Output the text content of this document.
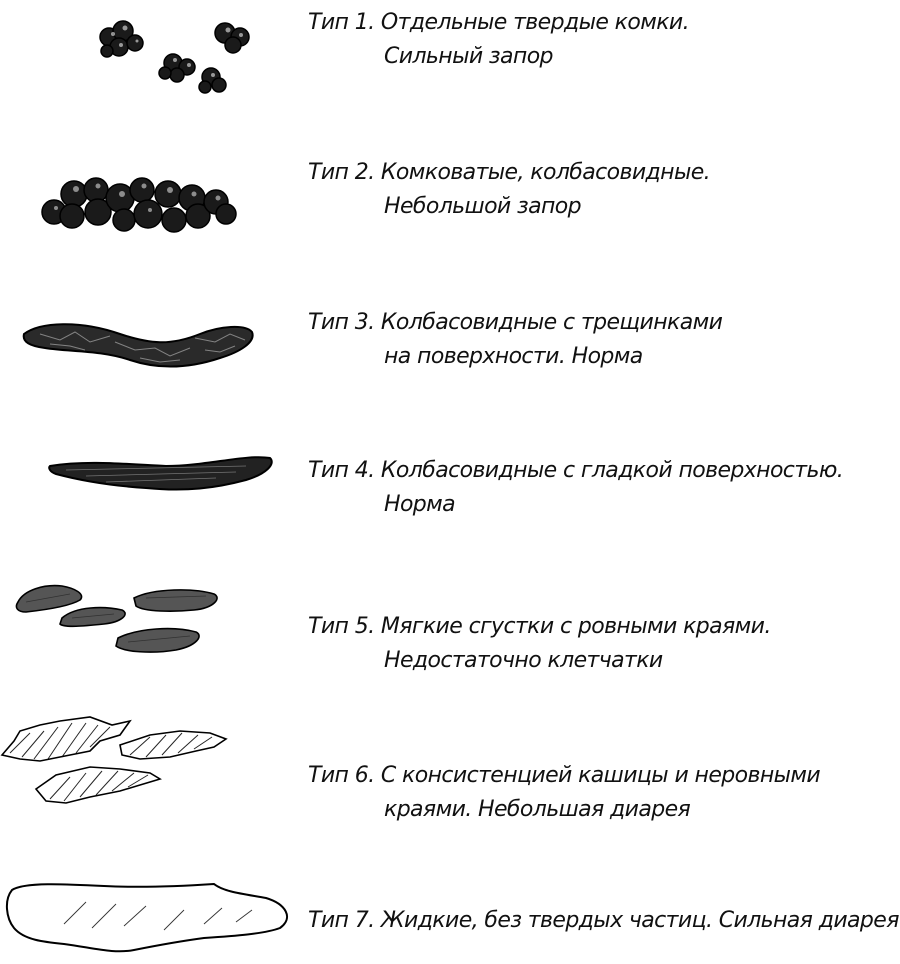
Тип 1. Отдельные твердые комки.
Сильный запор
Тип 2. Комковатые, колбасовидные.
Небольшой запор
Тип 3. Колбасовидные с трещинками
на поверхности. Норма
Тип 4. Колбасовидные с гладкой поверхностью.
Норма
Тип 5. Мягкие сгустки с ровными краями.
Недостаточно клетчатки
Тип 6. С консистенцией кашицы и неровными
краями. Небольшая диарея
Тип 7. Жидкие, без твердых частиц. Сильная диарея
